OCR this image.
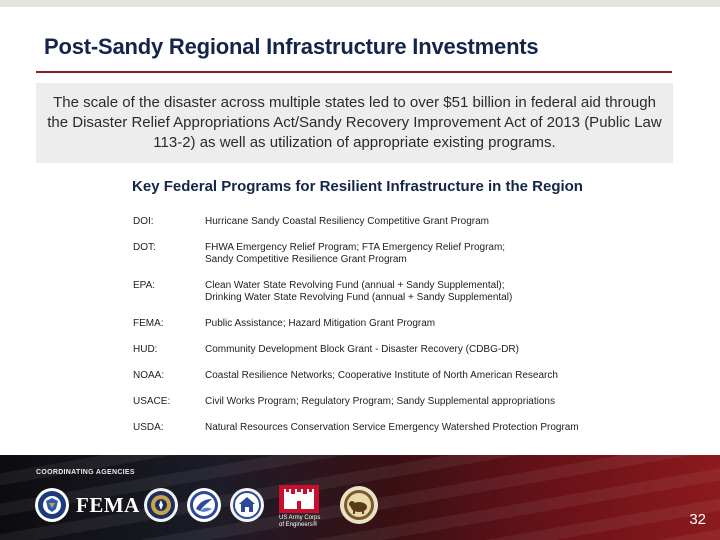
Post-Sandy Regional Infrastructure Investments
The scale of the disaster across multiple states led to over $51 billion in federal aid through the Disaster Relief Appropriations Act/Sandy Recovery Improvement Act of 2013 (Public Law 113-2) as well as utilization of appropriate existing programs.
Key Federal Programs for Resilient Infrastructure in the Region
DOI:	Hurricane Sandy Coastal Resiliency Competitive Grant Program
DOT:	FHWA Emergency Relief Program; FTA Emergency Relief Program;
Sandy Competitive Resilience Grant Program
EPA:	Clean Water State Revolving Fund (annual + Sandy Supplemental);
Drinking Water State Revolving Fund (annual + Sandy Supplemental)
FEMA:	Public Assistance; Hazard Mitigation Grant Program
HUD:	Community Development Block Grant - Disaster Recovery (CDBG-DR)
NOAA:	Coastal Resilience Networks; Cooperative Institute of North American Research
USACE:	Civil Works Program; Regulatory Program; Sandy Supplemental appropriations
USDA:	Natural Resources Conservation Service Emergency Watershed Protection Program
COORDINATING AGENCIES
FEMA
US Army Corps
of Engineers®	32
